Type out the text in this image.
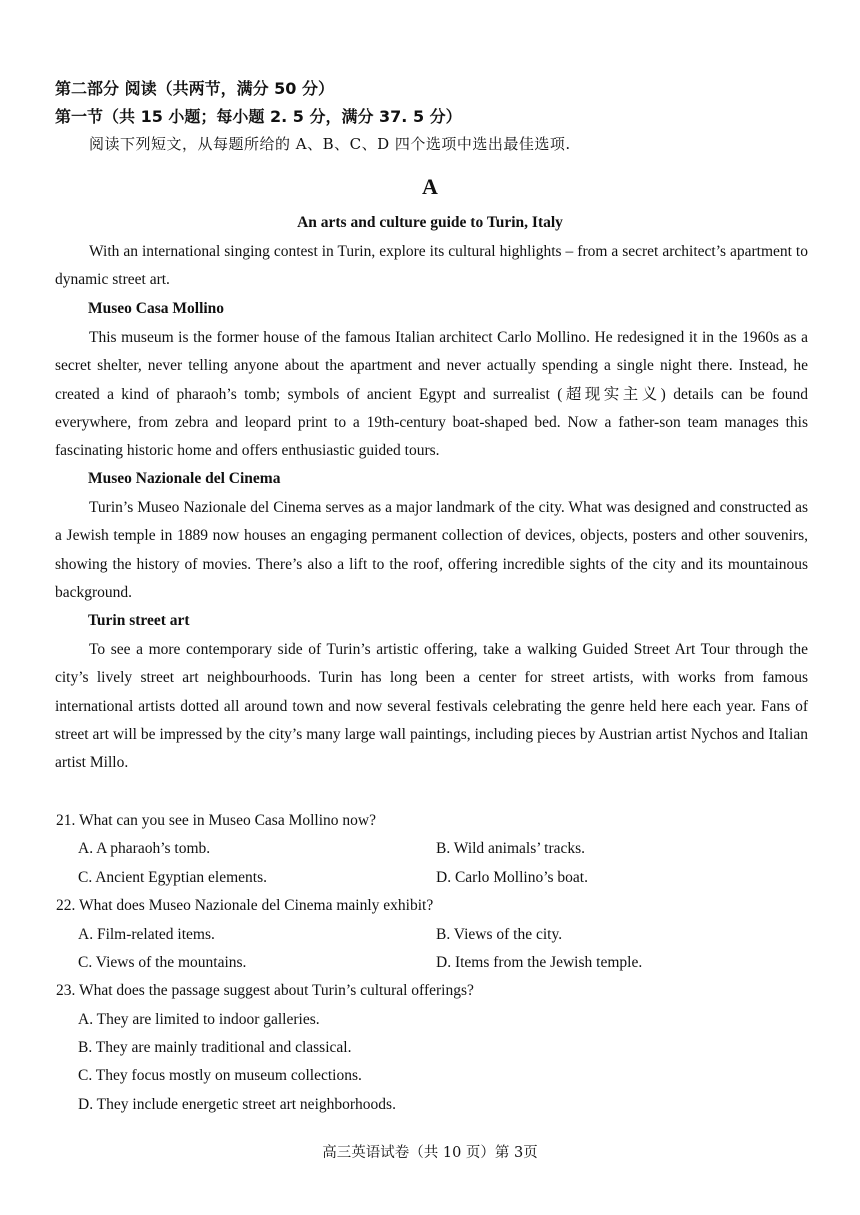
第二部分 阅读（共两节，满分 50 分）
第一节（共 15 小题；每小题 2. 5 分，满分 37. 5 分）
阅读下列短文，从每题所给的 A、B、C、D 四个选项中选出最佳选项.
A
An arts and culture guide to Turin, Italy
With an international singing contest in Turin, explore its cultural highlights – from a secret architect’s apartment to dynamic street art.
Museo Casa Mollino
This museum is the former house of the famous Italian architect Carlo Mollino. He redesigned it in the 1960s as a secret shelter, never telling anyone about the apartment and never actually spending a single night there. Instead, he created a kind of pharaoh’s tomb; symbols of ancient Egypt and surrealist (超现实主义) details can be found everywhere, from zebra and leopard print to a 19th-century boat-shaped bed. Now a father-son team manages this fascinating historic home and offers enthusiastic guided tours.
Museo Nazionale del Cinema
Turin’s Museo Nazionale del Cinema serves as a major landmark of the city. What was designed and constructed as a Jewish temple in 1889 now houses an engaging permanent collection of devices, objects, posters and other souvenirs, showing the history of movies. There’s also a lift to the roof, offering incredible sights of the city and its mountainous background.
Turin street art
To see a more contemporary side of Turin’s artistic offering, take a walking Guided Street Art Tour through the city’s lively street art neighbourhoods. Turin has long been a center for street artists, with works from famous international artists dotted all around town and now several festivals celebrating the genre held here each year. Fans of street art will be impressed by the city’s many large wall paintings, including pieces by Austrian artist Nychos and Italian artist Millo.
21. What can you see in Museo Casa Mollino now?
A. A pharaoh’s tomb.	B. Wild animals’ tracks.
C. Ancient Egyptian elements.	D. Carlo Mollino’s boat.
22. What does Museo Nazionale del Cinema mainly exhibit?
A. Film-related items.	B. Views of the city.
C. Views of the mountains.	D. Items from the Jewish temple.
23. What does the passage suggest about Turin’s cultural offerings?
A. They are limited to indoor galleries.
B. They are mainly traditional and classical.
C. They focus mostly on museum collections.
D. They include energetic street art neighborhoods.
高三英语试卷（共 10 页）第 3页
